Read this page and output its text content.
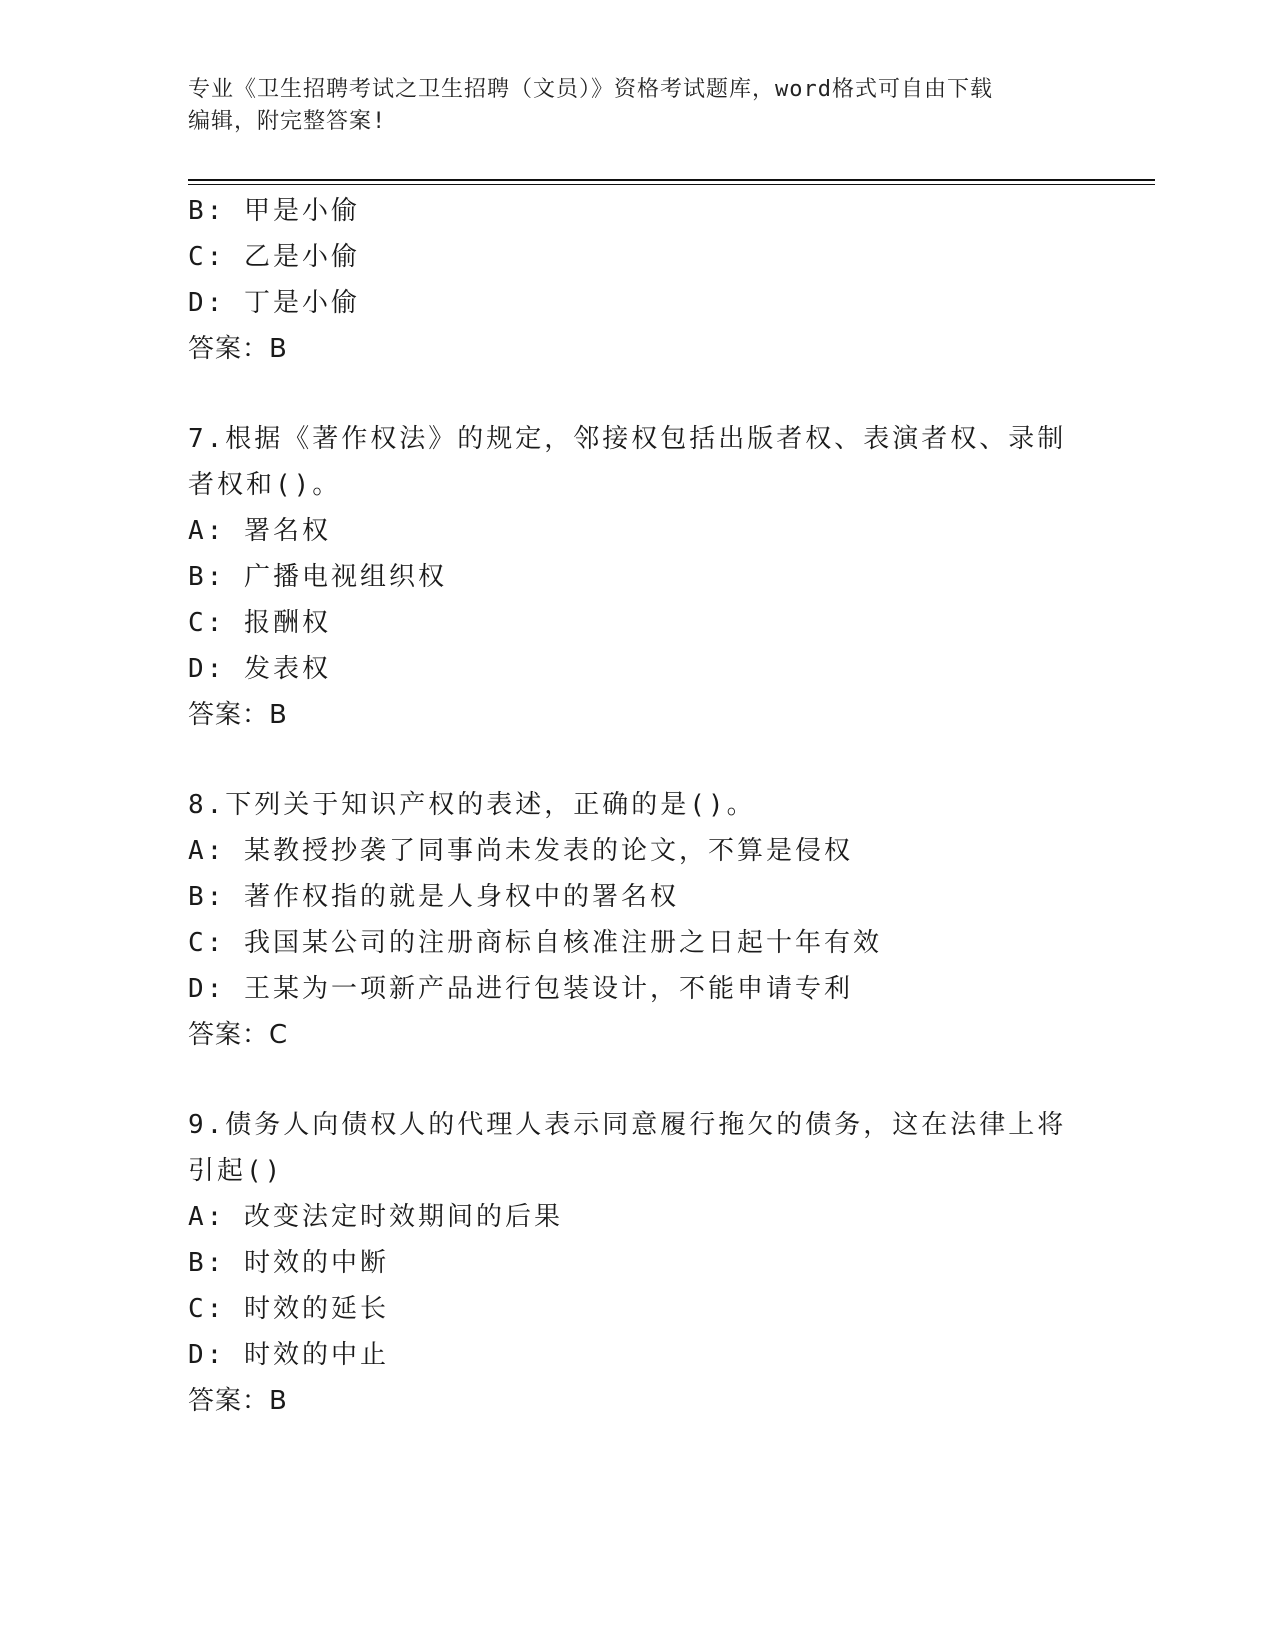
专业《卫生招聘考试之卫生招聘（文员）》资格考试题库，word格式可自由下载
编辑，附完整答案!
B: 甲是小偷
C: 乙是小偷
D: 丁是小偷
答案：B
7.根据《著作权法》的规定，邻接权包括出版者权、表演者权、录制
者权和()。
A: 署名权
B: 广播电视组织权
C: 报酬权
D: 发表权
答案：B
8.下列关于知识产权的表述，正确的是()。
A: 某教授抄袭了同事尚未发表的论文，不算是侵权
B: 著作权指的就是人身权中的署名权
C: 我国某公司的注册商标自核准注册之日起十年有效
D: 王某为一项新产品进行包装设计，不能申请专利
答案：C
9.债务人向债权人的代理人表示同意履行拖欠的债务，这在法律上将
引起()
A: 改变法定时效期间的后果
B: 时效的中断
C: 时效的延长
D: 时效的中止
答案：B
